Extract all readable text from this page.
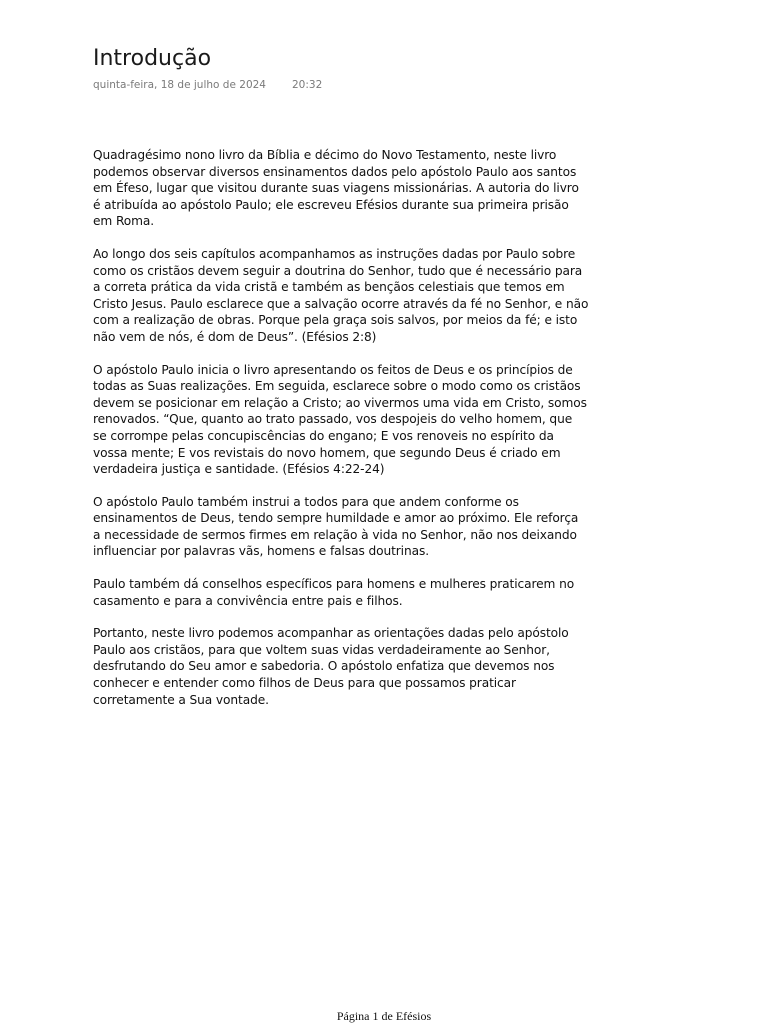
Introdução
quinta-feira, 18 de julho de 2024 20:32

Quadragésimo nono livro da Bíblia e décimo do Novo Testamento, neste livro podemos observar diversos ensinamentos dados pelo apóstolo Paulo aos santos em Éfeso, lugar que visitou durante suas viagens missionárias. A autoria do livro é atribuída ao apóstolo Paulo; ele escreveu Efésios durante sua primeira prisão em Roma.

Ao longo dos seis capítulos acompanhamos as instruções dadas por Paulo sobre como os cristãos devem seguir a doutrina do Senhor, tudo que é necessário para a correta prática da vida cristã e também as bençãos celestiais que temos em Cristo Jesus. Paulo esclarece que a salvação ocorre através da fé no Senhor, e não com a realização de obras. Porque pela graça sois salvos, por meios da fé; e isto não vem de nós, é dom de Deus”. (Efésios 2:8)

O apóstolo Paulo inicia o livro apresentando os feitos de Deus e os princípios de todas as Suas realizações. Em seguida, esclarece sobre o modo como os cristãos devem se posicionar em relação a Cristo; ao vivermos uma vida em Cristo, somos renovados. “Que, quanto ao trato passado, vos despojeis do velho homem, que se corrompe pelas concupiscências do engano; E vos renoveis no espírito da vossa mente; E vos revistais do novo homem, que segundo Deus é criado em verdadeira justiça e santidade. (Efésios 4:22-24)

O apóstolo Paulo também instrui a todos para que andem conforme os ensinamentos de Deus, tendo sempre humildade e amor ao próximo. Ele reforça a necessidade de sermos firmes em relação à vida no Senhor, não nos deixando influenciar por palavras vãs, homens e falsas doutrinas.

Paulo também dá conselhos específicos para homens e mulheres praticarem no casamento e para a convivência entre pais e filhos.

Portanto, neste livro podemos acompanhar as orientações dadas pelo apóstolo Paulo aos cristãos, para que voltem suas vidas verdadeiramente ao Senhor, desfrutando do Seu amor e sabedoria. O apóstolo enfatiza que devemos nos conhecer e entender como filhos de Deus para que possamos praticar corretamente a Sua vontade.

Página 1 de Efésios
